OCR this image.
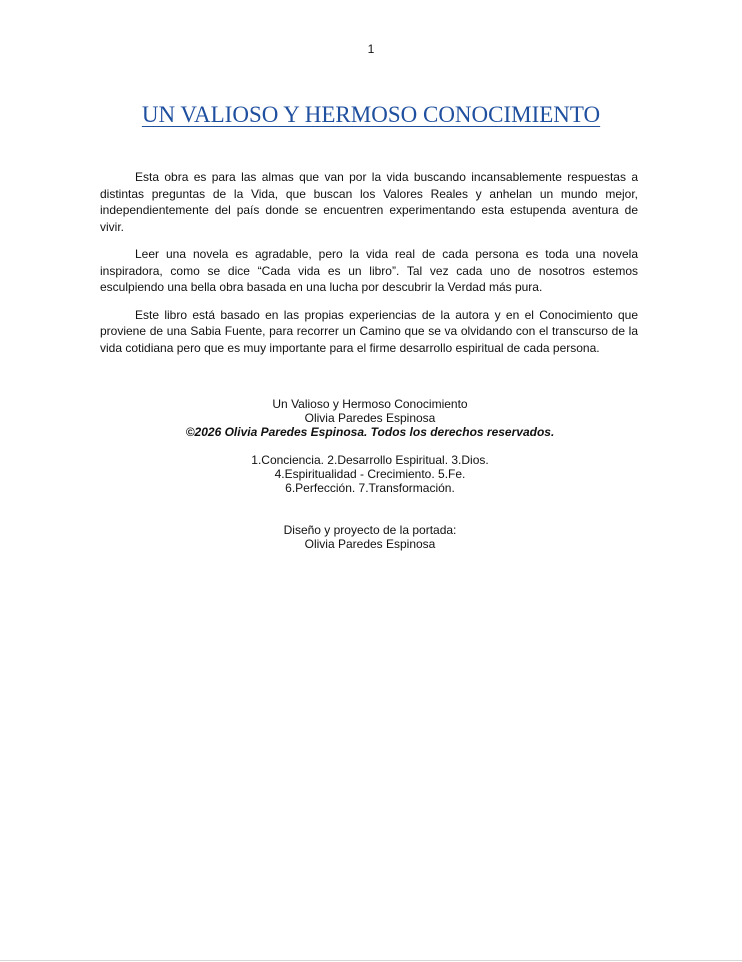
1
UN VALIOSO Y HERMOSO CONOCIMIENTO

Esta obra es para las almas que van por la vida buscando incansablemente respuestas a distintas preguntas de la Vida, que buscan los Valores Reales y anhelan un mundo mejor, independientemente del país donde se encuentren experimentando esta estupenda aventura de vivir.

Leer una novela es agradable, pero la vida real de cada persona es toda una novela inspiradora, como se dice “Cada vida es un libro”. Tal vez cada uno de nosotros estemos esculpiendo una bella obra basada en una lucha por descubrir la Verdad más pura.

Este libro está basado en las propias experiencias de la autora y en el Conocimiento que proviene de una Sabia Fuente, para recorrer un Camino que se va olvidando con el transcurso de la vida cotidiana pero que es muy importante para el firme desarrollo espiritual de cada persona.

Un Valioso y Hermoso Conocimiento
Olivia Paredes Espinosa
©2026 Olivia Paredes Espinosa. Todos los derechos reservados.
1.Conciencia. 2.Desarrollo Espiritual. 3.Dios.
4.Espiritualidad - Crecimiento. 5.Fe.
6.Perfección. 7.Transformación.
Diseño y proyecto de la portada:
Olivia Paredes Espinosa
